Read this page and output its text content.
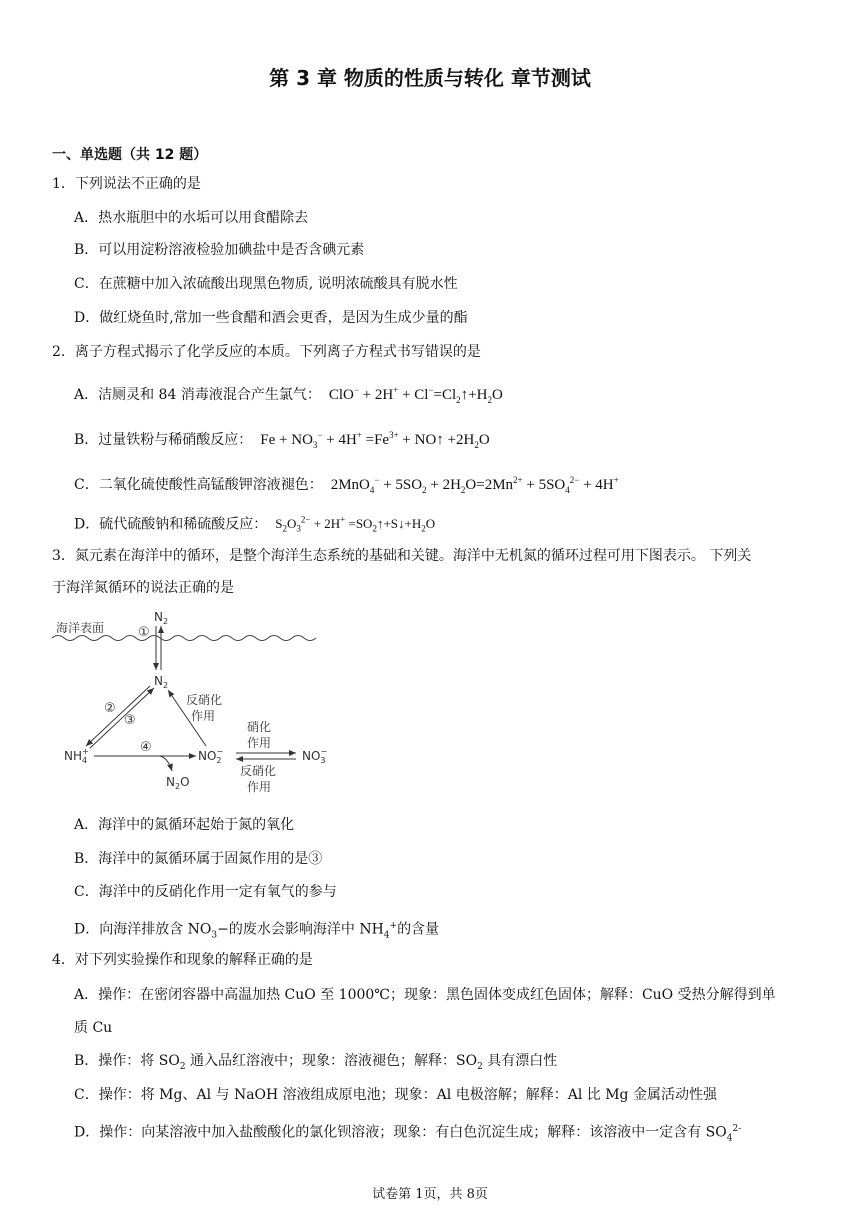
第 3 章 物质的性质与转化 章节测试
一、单选题（共 12 题）
1．下列说法不正确的是
A．热水瓶胆中的水垢可以用食醋除去
B．可以用淀粉溶液检验加碘盐中是否含碘元素
C．在蔗糖中加入浓硫酸出现黑色物质, 说明浓硫酸具有脱水性
D．做红烧鱼时,常加一些食醋和酒会更香，是因为生成少量的酯
2．离子方程式揭示了化学反应的本质。下列离子方程式书写错误的是
A．洁厕灵和 84 消毒液混合产生氯气： $ClO^- + 2H^+ + Cl^-=Cl_2↑+H_2O$
B．过量铁粉与稀硝酸反应： $Fe + NO_3^- + 4H^+ =Fe^{3+}$ + NO↑ $+2H_2O$
C．二氧化硫使酸性高锰酸钾溶液褪色： $2MnO_4^- + 5SO_2 + 2H_2O=2Mn^{2+} + 5SO_4^{2-} + 4H^+$
D．硫代硫酸钠和稀硫酸反应： $S_2O_3^{2-} + 2H^+$ $=SO_2↑+S↓+H_2O$
3．氮元素在海洋中的循环，是整个海洋生态系统的基础和关键。海洋中无机氮的循环过程可用下图表示。 下列关
于海洋氮循环的说法正确的是
海洋表面	①
$N_2$
$N_2$
$NH_4+$	$NO_2-$	$NO_3-$
$N_2O$
②
③
④
反硝化
作用
硝化
作用
反硝化
作用
A．海洋中的氮循环起始于氮的氧化
B．海洋中的氮循环属于固氮作用的是③
C．海洋中的反硝化作用一定有氧气的参与
D．向海洋排放含 $NO_3-$的废水会影响海洋中 $NH_4^+$的含量
4．对下列实验操作和现象的解释正确的是
A．操作：在密闭容器中高温加热 CuO 至 1000℃；现象：黑色固体变成红色固体；解释：CuO 受热分解得到单
质 Cu
B．操作：将 $SO_2$ 通入品红溶液中；现象：溶液褪色；解释：$SO_2$ 具有漂白性
C．操作：将 Mg、Al 与 NaOH 溶液组成原电池；现象：Al 电极溶解；解释：Al 比 Mg 金属活动性强
D．操作：向某溶液中加入盐酸酸化的氯化钡溶液；现象：有白色沉淀生成；解释：该溶液中一定含有 $SO_4^{2-}$
试卷第 1页，共 8页
